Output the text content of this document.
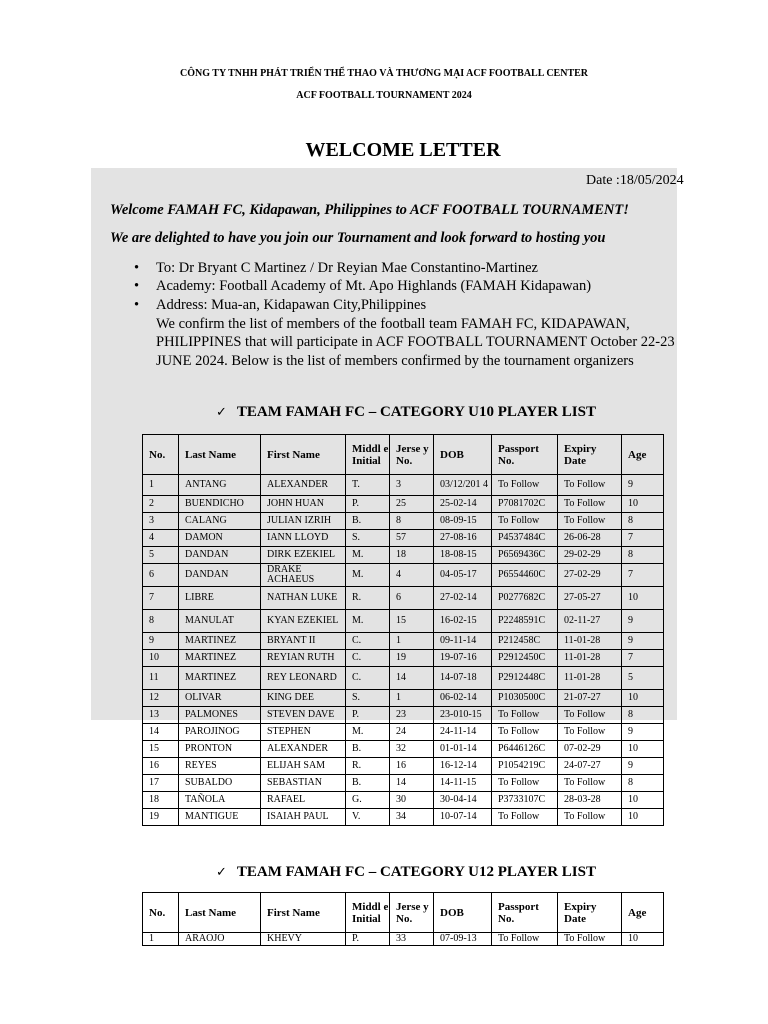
CÔNG TY TNHH PHÁT TRIỂN THỂ THAO VÀ THƯƠNG MẠI ACF FOOTBALL CENTER
ACF FOOTBALL TOURNAMENT 2024
WELCOME LETTER
Date :18/05/2024
Welcome FAMAH FC, Kidapawan, Philippines to ACF FOOTBALL TOURNAMENT!
We are delighted to have you join our Tournament and look forward to hosting you
• To: Dr Bryant C Martinez / Dr Reyian Mae Constantino-Martinez
• Academy: Football Academy of Mt. Apo Highlands (FAMAH Kidapawan)
• Address: Mua-an, Kidapawan City,Philippines
We confirm the list of members of the football team FAMAH FC, KIDAPAWAN, PHILIPPINES that will participate in ACF FOOTBALL TOURNAMENT October 22-23 JUNE 2024. Below is the list of members confirmed by the tournament organizers
✓ TEAM FAMAH FC – CATEGORY U10 PLAYER LIST
No.	Last Name	First Name	Middl e Initial	Jerse y No.	DOB	Passport No.	Expiry Date	Age
1	ANTANG	ALEXANDER	T.	3	03/12/201 4	To Follow	To Follow	9
2	BUENDICHO	JOHN HUAN	P.	25	25-02-14	P7081702C	To Follow	10
3	CALANG	JULIAN IZRIH	B.	8	08-09-15	To Follow	To Follow	8
4	DAMON	IANN LLOYD	S.	57	27-08-16	P4537484C	26-06-28	7
5	DANDAN	DIRK EZEKIEL	M.	18	18-08-15	P6569436C	29-02-29	8
6	DANDAN	DRAKE ACHAEUS	M.	4	04-05-17	P6554460C	27-02-29	7
7	LIBRE	NATHAN LUKE	R.	6	27-02-14	P0277682C	27-05-27	10
8	MANULAT	KYAN EZEKIEL	M.	15	16-02-15	P2248591C	02-11-27	9
9	MARTINEZ	BRYANT II	C.	1	09-11-14	P212458C	11-01-28	9
10	MARTINEZ	REYIAN RUTH	C.	19	19-07-16	P2912450C	11-01-28	7
11	MARTINEZ	REY LEONARD	C.	14	14-07-18	P2912448C	11-01-28	5
12	OLIVAR	KING DEE	S.	1	06-02-14	P1030500C	21-07-27	10
13	PALMONES	STEVEN DAVE	P.	23	23-010-15	To Follow	To Follow	8
14	PAROJINOG	STEPHEN	M.	24	24-11-14	To Follow	To Follow	9
15	PRONTON	ALEXANDER	B.	32	01-01-14	P6446126C	07-02-29	10
16	REYES	ELIJAH SAM	R.	16	16-12-14	P1054219C	24-07-27	9
17	SUBALDO	SEBASTIAN	B.	14	14-11-15	To Follow	To Follow	8
18	TAÑOLA	RAFAEL	G.	30	30-04-14	P3733107C	28-03-28	10
19	MANTIGUE	ISAIAH PAUL	V.	34	10-07-14	To Follow	To Follow	10
✓ TEAM FAMAH FC – CATEGORY U12 PLAYER LIST
No.	Last Name	First Name	Middl e Initial	Jerse y No.	DOB	Passport No.	Expiry Date	Age
1	ARAOJO	KHEVY	P.	33	07-09-13	To Follow	To Follow	10
